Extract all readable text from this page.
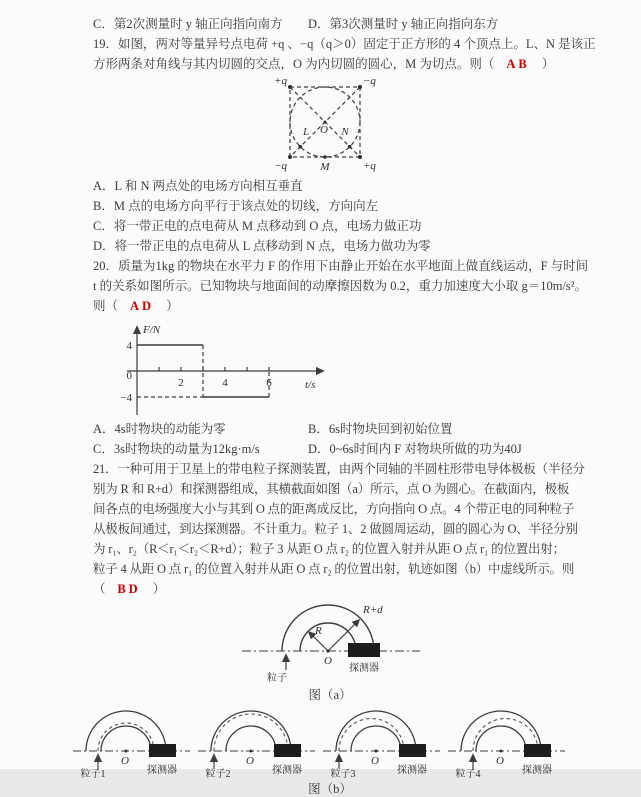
C．第2次测量时 y 轴正向指向南方	D．第3次测量时 y 轴正向指向东方
19．如图，两对等量异号点电荷 +q 、−q（q＞0）固定于正方形的 4 个顶点上。L、N 是该正
方形两条对角线与其内切圆的交点，O 为内切圆的圆心，M 为切点。则（ AB ）
+q	−q
−q	+q
L O N
M
A．L 和 N 两点处的电场方向相互垂直
B．M 点的电场方向平行于该点处的切线，方向向左
C．将一带正电的点电荷从 M 点移动到 O 点，电场力做正功
D．将一带正电的点电荷从 L 点移动到 N 点，电场力做功为零
20．质量为1kg 的物块在水平力 F 的作用下由静止开始在水平地面上做直线运动，F 与时间
t 的关系如图所示。已知物块与地面间的动摩擦因数为 0.2，重力加速度大小取 g＝10m/s²。
则（ AD ）
F/N
4
0
−4
2	4	6	t/s
A．4s时物块的动能为零	B．6s时物块回到初始位置
C．3s时物块的动量为12kg·m/s	D．0~6s时间内 F 对物块所做的功为40J
21．一种可用于卫星上的带电粒子探测装置，由两个同轴的半圆柱形带电导体极板（半径分
别为 R 和 R+d）和探测器组成，其横截面如图（a）所示，点 O 为圆心。在截面内，极板
间各点的电场强度大小与其到 O 点的距离成反比，方向指向 O 点。4 个带正电的同种粒子
从极板间通过，到达探测器。不计重力。粒子 1、2 做圆周运动，圆的圆心为 O、半径分别
为 r₁、r₂（R＜r₁＜r₂＜R+d）；粒子 3 从距 O 点 r₂ 的位置入射并从距 O 点 r₁ 的位置出射；
粒子 4 从距 O 点 r₁ 的位置入射并从距 O 点 r₂ 的位置出射，轨迹如图（b）中虚线所示。则
（ BD ）
R
R+d
O
粒子
探测器
图（a）
O
粒子1	探测器
O
粒子2	探测器
O
粒子3	探测器
O
粒子4	探测器
图（b）
